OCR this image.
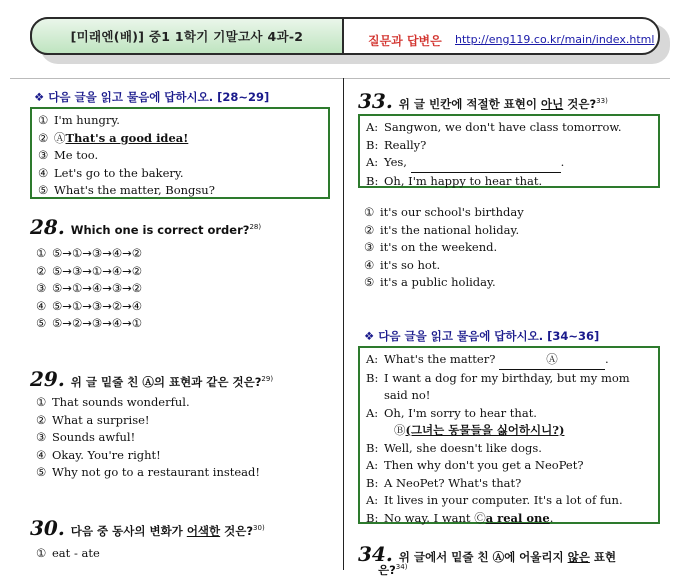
[미래엔(배)] 중1 1학기 기말고사 4과-2	질문과 답변은 http://eng119.co.kr/main/index.html
❖ 다음 글을 읽고 물음에 답하시오. [28~29]
① I'm hungry.
② ⒶThat's a good idea!
③ Me too.
④ Let's go to the bakery.
⑤ What's the matter, Bongsu?
28. Which one is correct order?$^{28)}$
① ⑤→①→③→④→②
② ⑤→③→①→④→②
③ ⑤→①→④→③→②
④ ⑤→①→③→②→④
⑤ ⑤→②→③→④→①
29. 위 글 밑줄 친 Ⓐ의 표현과 같은 것은?$^{29)}$
① That sounds wonderful.
② What a surprise!
③ Sounds awful!
④ Okay. You're right!
⑤ Why not go to a restaurant instead!
30. 다음 중 동사의 변화가 어색한 것은?$^{30)}$
① eat - ate
33. 위 글 빈칸에 적절한 표현이 아닌 것은?$^{33)}$
A: Sangwon, we don't have class tomorrow.
B: Really?
A: Yes,	.
B: Oh, I'm happy to hear that.
① it's our school's birthday
② it's the national holiday.
③ it's on the weekend.
④ it's so hot.
⑤ it's a public holiday.
❖ 다음 글을 읽고 물음에 답하시오. [34~36]
A: What's the matter?	Ⓐ	.
B: I want a dog for my birthday, but my mom said no!
A: Oh, I'm sorry to hear that.
Ⓑ(그녀는 동물들을 싫어하시니?)
B: Well, she doesn't like dogs.
A: Then why don't you get a NeoPet?
B: A NeoPet? What's that?
A: It lives in your computer. It's a lot of fun.
B: No way. I want Ⓒa real one.
34. 위 글에서 밑줄 친 Ⓐ에 어울리지 않은 표현
은?$^{34)}$
